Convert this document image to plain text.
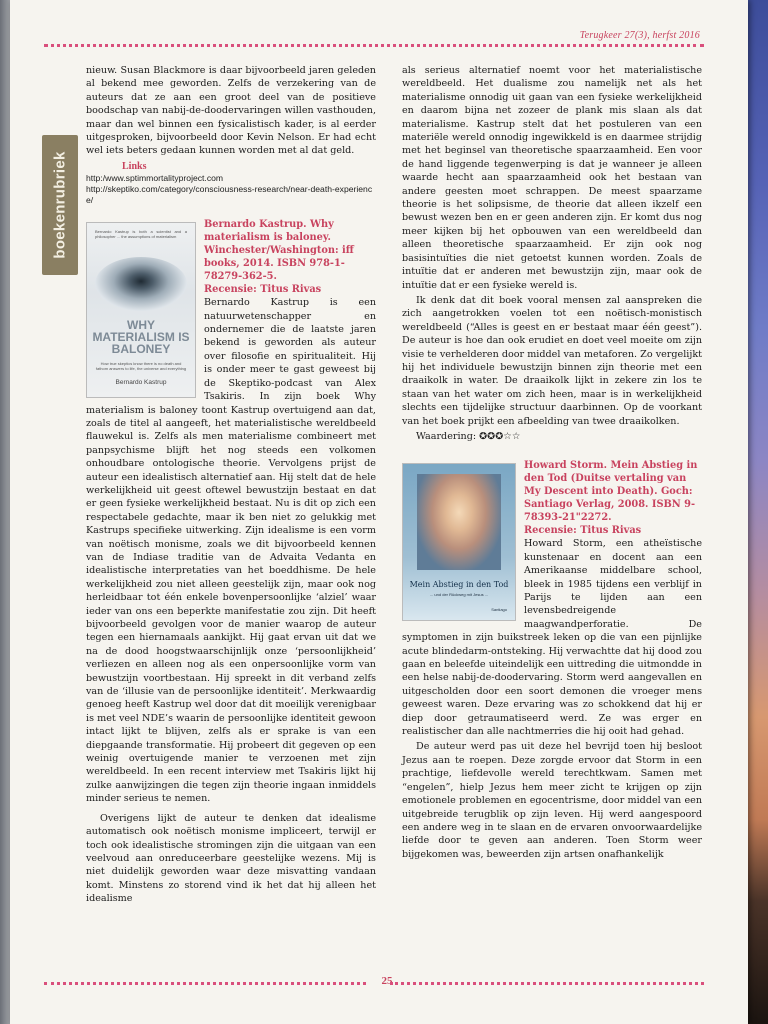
Terugkeer 27(3), herfst 2016
boekenrubriek

nieuw. Susan Blackmore is daar bijvoorbeeld jaren geleden al bekend mee geworden. Zelfs de verzekering van de auteurs dat ze aan een groot deel van de positieve boodschap van nabij-de-doodervaringen willen vasthouden, maar dan wel binnen een fysicalistisch kader, is al eerder uitgesproken, bijvoorbeeld door Kevin Nelson. Er had echt wel iets beters gedaan kunnen worden met al dat geld.

Links
http:/www.sptimmortalityproject.com
http://skeptiko.com/category/consciousness-research/near-death-experience/
Bernardo Kastrup is both a scientist and a philosopher ... the assumptions of materialism
WHY MATERIALISM IS BALONEY
How true skeptics know there is no death and fathom answers to life, the universe and everything
Bernardo Kastrup
Bernardo Kastrup. Why materialism is baloney. Winchester/Washington: iff books, 2014. ISBN 978-1-78279-362-5.
Recensie: Titus Rivas

Bernardo Kastrup is een natuurwetenschapper en ondernemer die de laatste jaren bekend is geworden als auteur over filosofie en spiritualiteit. Hij is onder meer te gast geweest bij de Skeptiko-podcast van Alex Tsakiris. In zijn boek Why materialism is baloney toont Kastrup overtuigend aan dat, zoals de titel al aangeeft, het materialistische wereldbeeld flauwekul is. Zelfs als men materialisme combineert met panpsychisme blijft het nog steeds een volkomen onhoudbare ontologische theorie. Vervolgens prijst de auteur een idealistisch alternatief aan. Hij stelt dat de hele werkelijkheid uit geest oftewel bewustzijn bestaat en dat er geen fysieke werkelijkheid bestaat. Nu is dit op zich een respectabele gedachte, maar ik ben niet zo gelukkig met Kastrups specifieke uitwerking. Zijn idealisme is een vorm van noëtisch monisme, zoals we dit bijvoorbeeld kennen van de Indiase traditie van de Advaita Vedanta en idealistische interpretaties van het boeddhisme. De hele werkelijkheid zou niet alleen geestelijk zijn, maar ook nog herleidbaar tot één enkele bovenpersoonlijke ‘alziel’ waar ieder van ons een beperkte manifestatie zou zijn. Dit heeft bijvoorbeeld gevolgen voor de manier waarop de auteur tegen een hiernamaals aankijkt. Hij gaat ervan uit dat we na de dood hoogstwaarschijnlijk onze ‘persoonlijkheid’ verliezen en alleen nog als een onpersoonlijke vorm van bewustzijn voortbestaan. Hij spreekt in dit verband zelfs van de ‘illusie van de persoonlijke identiteit’. Merkwaardig genoeg heeft Kastrup wel door dat dit moeilijk verenigbaar is met veel NDE’s waarin de persoonlijke identiteit gewoon intact lijkt te blijven, zelfs als er sprake is van een diepgaande transformatie. Hij probeert dit gegeven op een weinig overtuigende manier te verzoenen met zijn wereldbeeld. In een recent interview met Tsakiris lijkt hij zulke aanwijzingen die tegen zijn theorie ingaan inmiddels minder serieus te nemen.

Overigens lijkt de auteur te denken dat idealisme automatisch ook noëtisch monisme impliceert, terwijl er toch ook idealistische stromingen zijn die uitgaan van een veelvoud aan onreduceerbare geestelijke wezens. Mij is niet duidelijk geworden waar deze misvatting vandaan komt. Minstens zo storend vind ik het dat hij alleen het idealisme

als serieus alternatief noemt voor het materialistische wereldbeeld. Het dualisme zou namelijk net als het materialisme onnodig uit gaan van een fysieke werkelijkheid en daarom bijna net zozeer de plank mis slaan als dat materialisme. Kastrup stelt dat het postuleren van een materiële wereld onnodig ingewikkeld is en daarmee strijdig met het beginsel van theoretische spaarzaamheid. Een voor de hand liggende tegenwerping is dat je wanneer je alleen waarde hecht aan spaarzaamheid ook het bestaan van andere geesten moet schrappen. De meest spaarzame theorie is het solipsisme, de theorie dat alleen ikzelf een bewust wezen ben en er geen anderen zijn. Er komt dus nog meer kijken bij het opbouwen van een wereldbeeld dan alleen theoretische spaarzaamheid. Er zijn ook nog basisintuïties die niet getoetst kunnen worden. Zoals de intuïtie dat er anderen met bewustzijn zijn, maar ook de intuïtie dat er een fysieke wereld is.

Ik denk dat dit boek vooral mensen zal aanspreken die zich aangetrokken voelen tot een noëtisch-monistisch wereldbeeld (“Alles is geest en er bestaat maar één geest”). De auteur is hoe dan ook erudiet en doet veel moeite om zijn visie te verhelderen door middel van metaforen. Zo vergelijkt hij het individuele bewustzijn binnen zijn theorie met een draaikolk in water. De draaikolk lijkt in zekere zin los te staan van het water om zich heen, maar is in werkelijkheid slechts een tijdelijke structuur daarbinnen. Op de voorkant van het boek prijkt een afbeelding van twee draaikolken.

Waardering: ✪✪✪☆☆

Mein Abstieg in den Tod
... und der Rückweg mit Jesus ...
Santiago
Howard Storm. Mein Abstieg in den Tod (Duitse vertaling van My Descent into Death). Goch: Santiago Verlag, 2008. ISBN 9-78393-21"2272.
Recensie: Titus Rivas

Howard Storm, een atheïstische kunstenaar en docent aan een Amerikaanse middelbare school, bleek in 1985 tijdens een verblijf in Parijs te lijden aan een levensbedreigende maagwandperforatie. De symptomen in zijn buikstreek leken op die van een pijnlijke acute blindedarm-ontsteking. Hij verwachtte dat hij dood zou gaan en beleefde uiteindelijk een uittreding die uitmondde in een helse nabij-de-doodervaring. Storm werd aangevallen en uitgescholden door een soort demonen die vroeger mens geweest waren. Deze ervaring was zo schokkend dat hij er diep door getraumatiseerd werd. Ze was erger en realistischer dan alle nachtmerries die hij ooit had gehad.

De auteur werd pas uit deze hel bevrijd toen hij besloot Jezus aan te roepen. Deze zorgde ervoor dat Storm in een prachtige, liefdevolle wereld terechtkwam. Samen met “engelen”, hielp Jezus hem meer zicht te krijgen op zijn emotionele problemen en egocentrisme, door middel van een uitgebreide terugblik op zijn leven. Hij werd aangespoord een andere weg in te slaan en de ervaren onvoorwaardelijke liefde door te geven aan anderen. Toen Storm weer bijgekomen was, beweerden zijn artsen onafhankelijk

25
